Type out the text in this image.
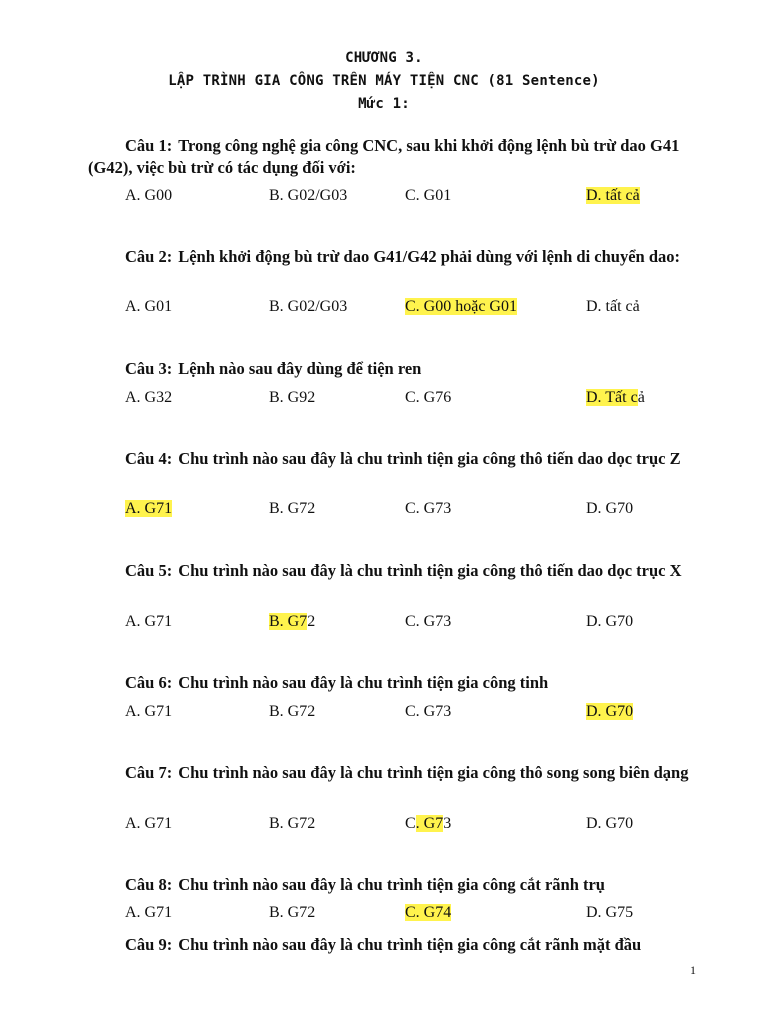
CHƯƠNG 3.
LẬP TRÌNH GIA CÔNG TRÊN MÁY TIỆN CNC (81 Sentence)
Mức 1:
Câu 1: Trong công nghệ gia công CNC, sau khi khởi động lệnh bù trừ dao G41 (G42), việc bù trừ có tác dụng đối với:
A. G00	B. G02/G03	C. G01	D. tất cả
Câu 2: Lệnh khởi động bù trừ dao G41/G42 phải dùng với lệnh di chuyển dao:
A. G01	B. G02/G03	C. G00 hoặc G01	D. tất cả
Câu 3: Lệnh nào sau đây dùng để tiện ren
A. G32	B. G92	C. G76	D. Tất cả
Câu 4: Chu trình nào sau đây là chu trình tiện gia công thô tiến dao dọc trục Z
A. G71	B. G72	C. G73	D. G70
Câu 5: Chu trình nào sau đây là chu trình tiện gia công thô tiến dao dọc trục X
A. G71	B. G72	C. G73	D. G70
Câu 6: Chu trình nào sau đây là chu trình tiện gia công tinh
A. G71	B. G72	C. G73	D. G70
Câu 7: Chu trình nào sau đây là chu trình tiện gia công thô song song biên dạng
A. G71	B. G72	C. G73	D. G70
Câu 8: Chu trình nào sau đây là chu trình tiện gia công cắt rãnh trụ
A. G71	B. G72	C. G74	D. G75
Câu 9: Chu trình nào sau đây là chu trình tiện gia công cắt rãnh mặt đầu
1
